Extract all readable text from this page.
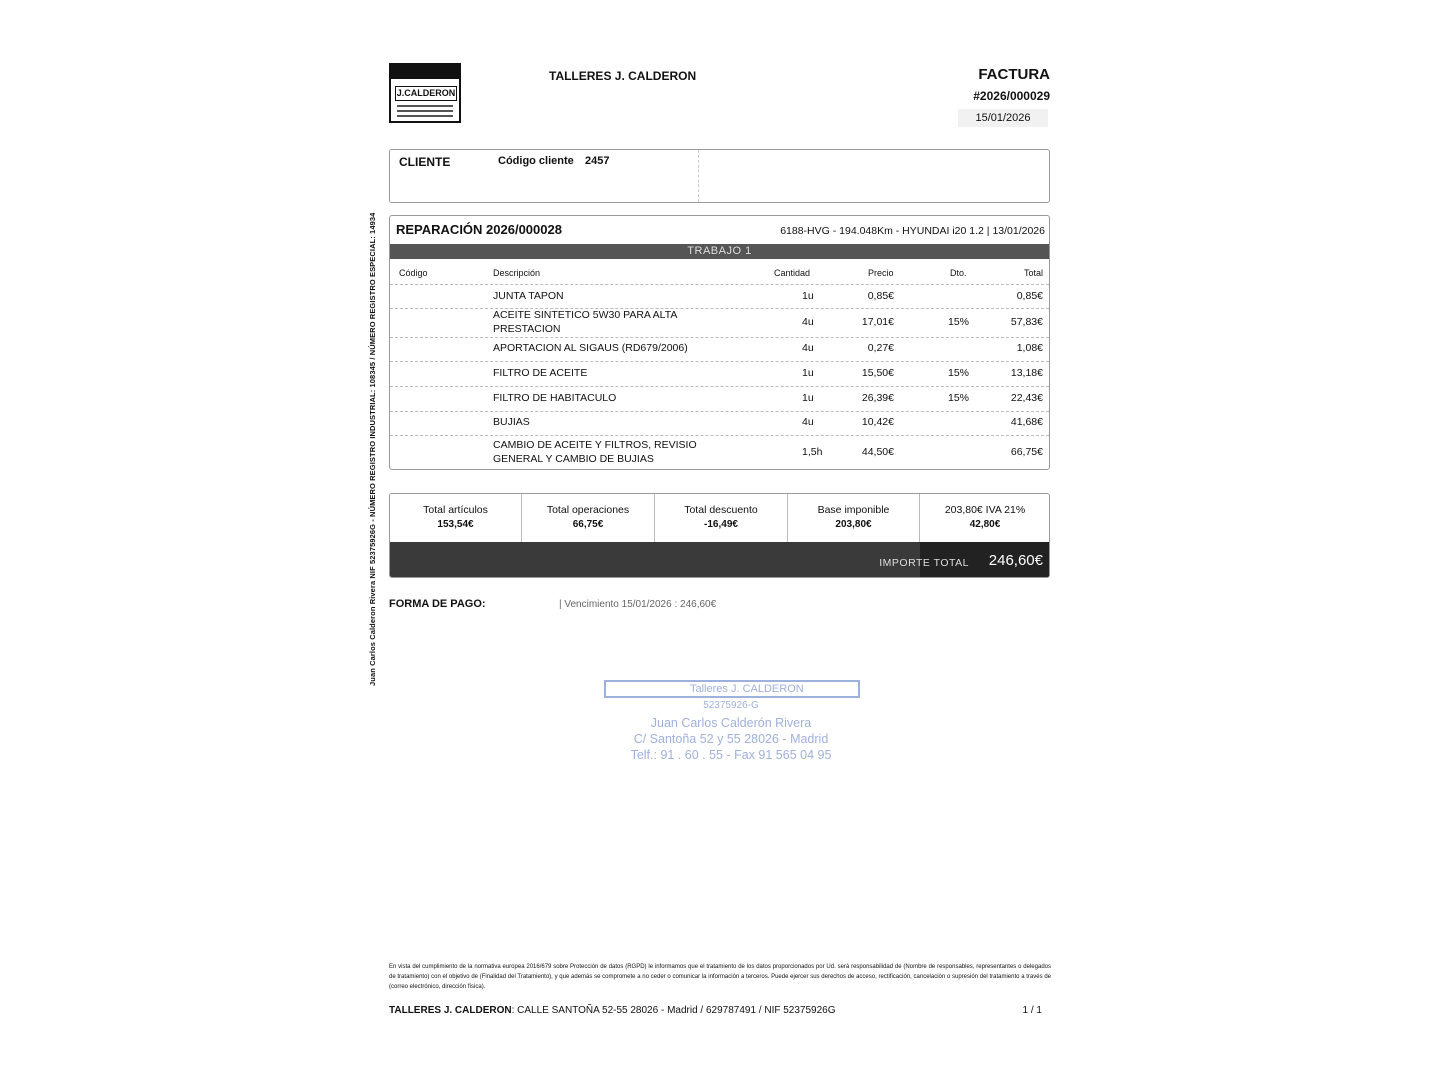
J.CALDERON
TALLERES J. CALDERON	FACTURA
#2026/000029
15/01/2026
CLIENTE	Código cliente 2457
Juan Carlos Calderon Rivera NIF 52375926G - NÚMERO REGISTRO INDUSTRIAL: 108345 / NÚMERO REGISTRO ESPECIAL: 14934 REPARACIÓN 2026/000028	6188-HVG - 194.048Km - HYUNDAI i20 1.2 | 13/01/2026
TRABAJO 1
Código	Descripción	Cantidad	Precio	Dto.	Total
JUNTA TAPON	1u	0,85€	0,85€
ACEITE SINTETICO 5W30 PARA ALTA
PRESTACION
4u	17,01€	15%	57,83€
APORTACION AL SIGAUS (RD679/2006)	4u	0,27€	1,08€
FILTRO DE ACEITE	1u	15,50€	15%	13,18€
FILTRO DE HABITACULO	1u	26,39€	15%	22,43€
BUJIAS	4u	10,42€	41,68€
CAMBIO DE ACEITE Y FILTROS, REVISIO
GENERAL Y CAMBIO DE BUJIAS
1,5h	44,50€	66,75€
Total artículos
153,54€
Total operaciones
66,75€
Total descuento
-16,49€
Base imponible
203,80€
203,80€ IVA 21%
42,80€
IMPORTE TOTAL 246,60€
FORMA DE PAGO:	| Vencimiento 15/01/2026 : 246,60€
Talleres J. CALDERON
52375926-G
Juan Carlos Calderón Rivera
C/ Santoña 52 y 55 28026 - Madrid
Telf.: 91 . 60 . 55 - Fax 91 565 04 95
En vista del cumplimiento de la normativa europea 2016/679 sobre Protección de datos (RGPD) le informamos que el tratamiento de los datos proporcionados por Ud. será responsabilidad de (Nombre de responsables, representantes o delegados de tratamiento) con el objetivo de (Finalidad del Tratamiento), y que además se compromete a no ceder o comunicar la información a terceros. Puede ejercer sus derechos de acceso, rectificación, cancelación o supresión del tratamiento a través de (correo electrónico, dirección física).
TALLERES J. CALDERON: CALLE SANTOÑA 52-55 28026 - Madrid / 629787491 / NIF 52375926G	1 / 1
